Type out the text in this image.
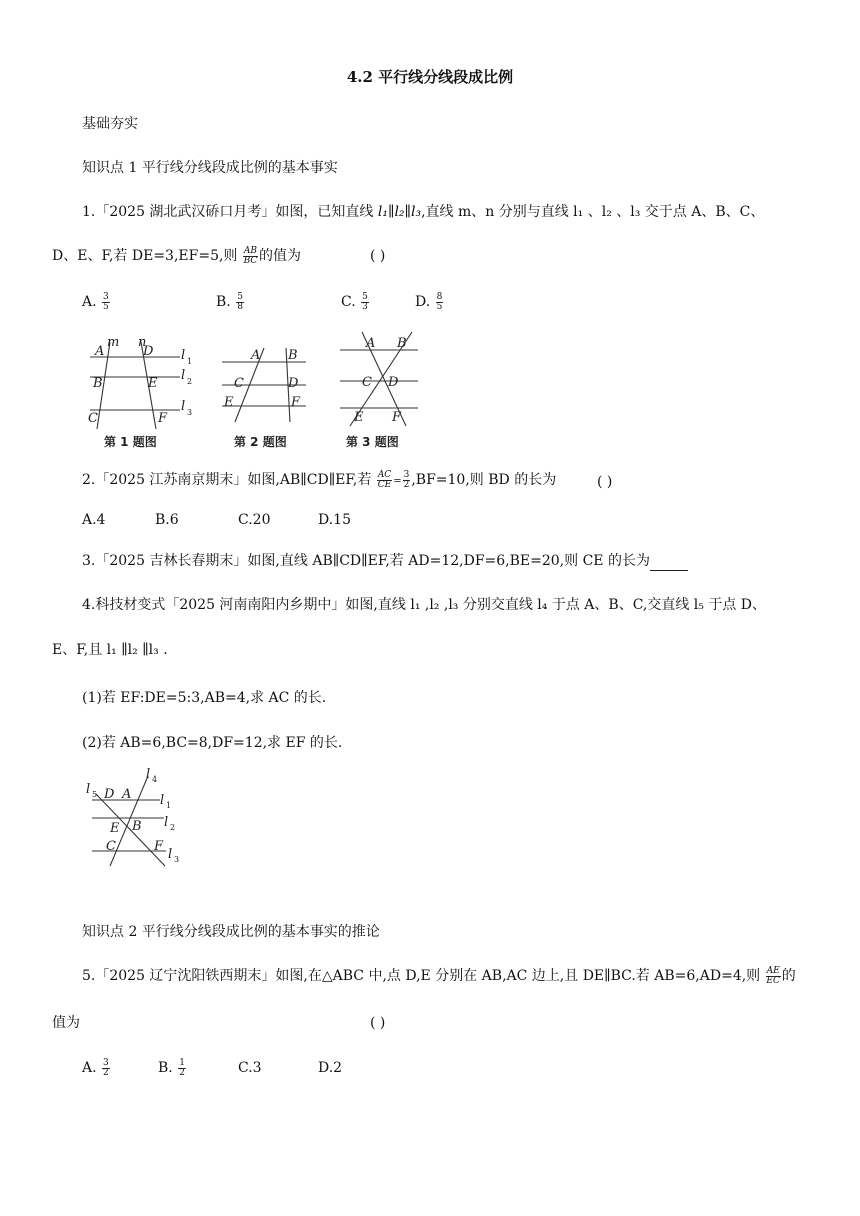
4.2 平行线分线段成比例
基础夯实
知识点 1 平行线分线段成比例的基本事实
1.「2025 湖北武汉硚口月考」如图，已知直线 l₁∥l₂∥l₃,直线 m、n 分别与直线 l₁ 、l₂ 、l₃ 交于点 A、B、C、
D、E、F,若 DE=3,EF=5,则 $\frac{AB}{BC}$ 的值为	( )
A. $\frac{3}{5}$	B. $\frac{5}{8}$	C. $\frac{5}{3}$	D. $\frac{8}{5}$
m n
A	D
B	E
C	F
l 1
l 2
l 3
第 1 题图
A B
C	D
E	F
第 2 题图
A B
C D
E F
第 3 题图
2.「2025 江苏南京期末」如图,AB∥CD∥EF,若 $\frac{AC}{CE} = \frac{3}{2} ,BF=10$,则 BD 的长为	( )
A.4	B.6	C.20	D.15
3.「2025 吉林长春期末」如图,直线 AB∥CD∥EF,若 AD=12,DF=6,BE=20,则 CE 的长为
4.科技材变式「2025 河南南阳内乡期中」如图,直线 l₁ ,l₂ ,l₃ 分别交直线 l₄ 于点 A、B、C,交直线 l₅ 于点 D、
E、F,且 l₁ ∥l₂ ∥l₃ .
(1)若 EF:DE=5:3,AB=4,求 AC 的长.
(2)若 AB=6,BC=8,DF=12,求 EF 的长.
l 5 D A
l 4
l 1
E B l 2
C	F
l 3
知识点 2 平行线分线段成比例的基本事实的推论
5.「2025 辽宁沈阳铁西期末」如图,在△ABC 中,点 D,E 分别在 AB,AC 边上,且 DE∥BC.若 AB=6,AD=4,则 $\frac{AE}{EC}$ 的
值为	( )
A. $\frac{3}{2}$	B. $\frac{1}{2}$	C.3	D.2
